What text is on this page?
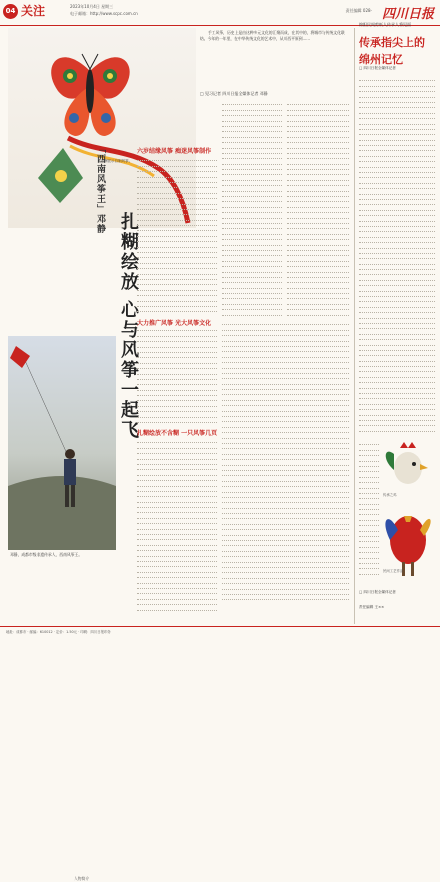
04 关注	2023年10月4日 星期三
电子邮箱：http://www.scpc.com.cn
责任编辑 028- 四川日报
邓静展示自制风筝。
「西南风筝王」邓静
扎糊绘放 心与风筝一起飞
人物简介
邓静，成都市级非遗传承人，西南风筝王。
手工风筝，历史上是由这种多元文化的汇聚而成，在其中的，将城市与传统文化联结。今年的一年里，在中华传统文化的艺术中，从川西平原到……
□ 见习记者 四川日报全媒体记者 邓静
六岁结缘风筝 痴迷风筝制作
大力推广风筝 光大风筝文化
扎糊绘放不含糊 一只风筝几页
绵阳民间剪纸人传承人将见面
传承指尖上的
绵州记忆
□ 四川日报全媒体记者
传承之鸡
民间工艺作品
□ 四川日报全媒体记者
责任编辑 王××
地址：成都市 · 邮编：610012 · 定价：1.50元 · 印刷：四川日报印务
